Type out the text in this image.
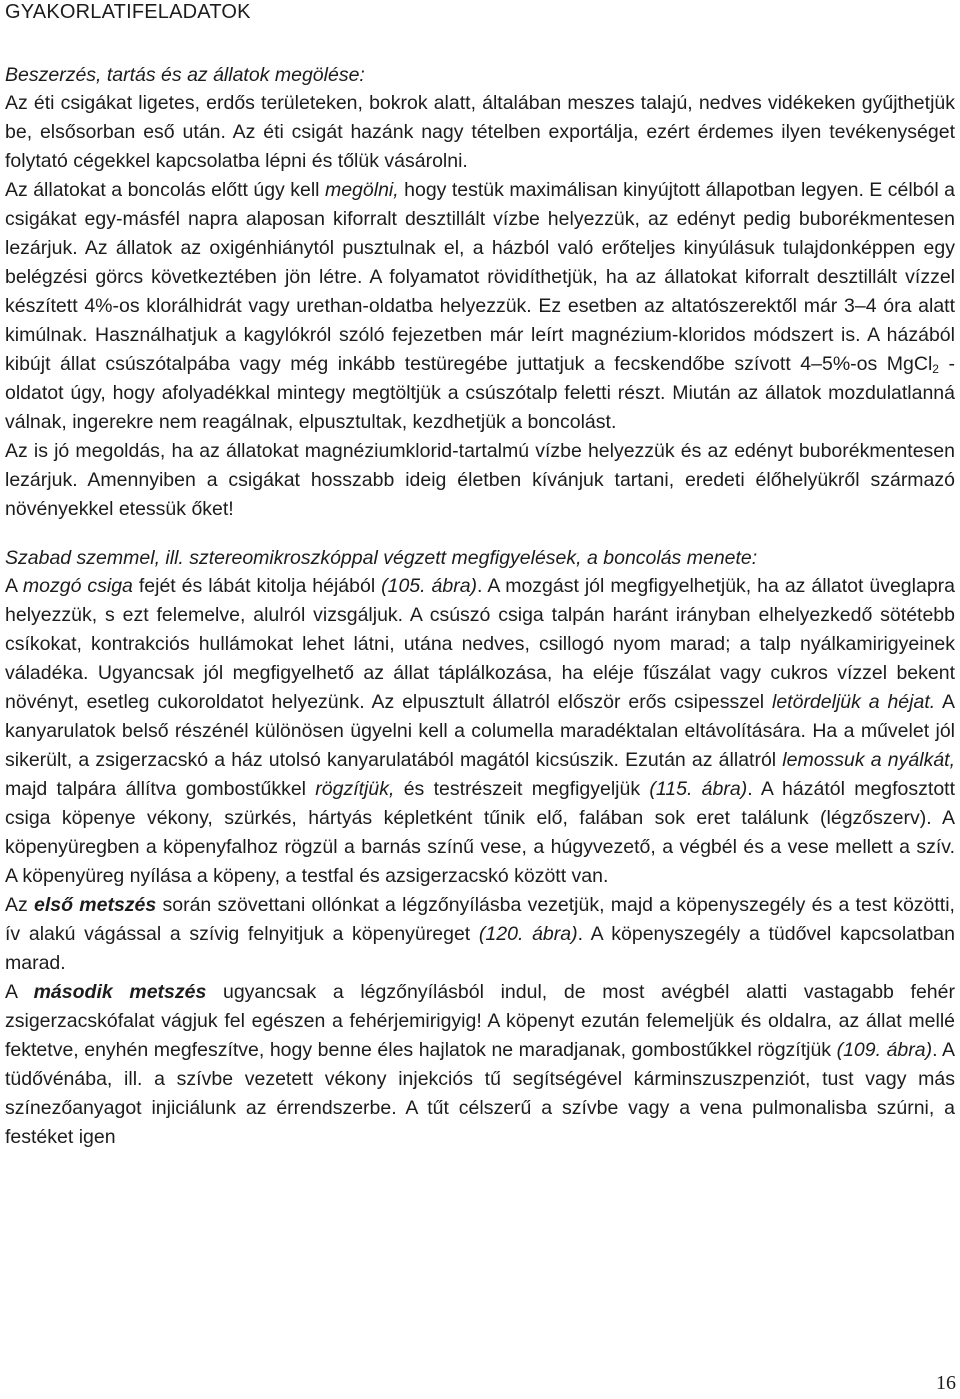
GYAKORLATIFELADATOK
Beszerzés, tartás és az állatok megölése:

Az éti csigákat ligetes, erdős területeken, bokrok alatt, általában meszes talajú, nedves vidékeken gyűjthetjük be, elsősorban eső után. Az éti csigát hazánk nagy tételben exportálja, ezért érdemes ilyen tevékenységet folytató cégekkel kapcsolatba lépni és tőlük vásárolni.

Az állatokat a boncolás előtt úgy kell megölni, hogy testük maximálisan kinyújtott állapotban legyen. E célból a csigákat egy-másfél napra alaposan kiforralt desztillált vízbe helyezzük, az edényt pedig buborékmentesen lezárjuk. Az állatok az oxigénhiánytól pusztulnak el, a házból való erőteljes kinyúlásuk tulajdonképpen egy belégzési görcs következtében jön létre. A folyamatot rövidíthetjük, ha az állatokat kiforralt desztillált vízzel készített 4%-os klorálhidrát vagy urethan-oldatba helyezzük. Ez esetben az altatószerektől már 3–4 óra alatt kimúlnak. Használhatjuk a kagylókról szóló fejezetben már leírt magnézium-kloridos módszert is. A házából kibújt állat csúszótalpába vagy még inkább testüregébe juttatjuk a fecskendőbe szívott 4–5%-os MgCl$_2$ -oldatot úgy, hogy afolyadékkal mintegy megtöltjük a csúszótalp feletti részt. Miután az állatok mozdulatlanná válnak, ingerekre nem reagálnak, elpusztultak, kezdhetjük a boncolást.

Az is jó megoldás, ha az állatokat magnéziumklorid-tartalmú vízbe helyezzük és az edényt buborékmentesen lezárjuk. Amennyiben a csigákat hosszabb ideig életben kívánjuk tartani, eredeti élőhelyükről származó növényekkel etessük őket!

Szabad szemmel, ill. sztereomikroszkóppal végzett megfigyelések, a boncolás menete:

A mozgó csiga fejét és lábát kitolja héjából (105. ábra). A mozgást jól megfigyelhetjük, ha az állatot üveglapra helyezzük, s ezt felemelve, alulról vizsgáljuk. A csúszó csiga talpán haránt irányban elhelyezkedő sötétebb csíkokat, kontrakciós hullámokat lehet látni, utána nedves, csillogó nyom marad; a talp nyálkamirigyeinek váladéka. Ugyancsak jól megfigyelhető az állat táplálkozása, ha eléje fűszálat vagy cukros vízzel bekent növényt, esetleg cukoroldatot helyezünk. Az elpusztult állatról először erős csipesszel letördeljük a héjat. A kanyarulatok belső részénél különösen ügyelni kell a columella maradéktalan eltávolítására. Ha a művelet jól sikerült, a zsigerzacskó a ház utolsó kanyarulatából magától kicsúszik. Ezután az állatról lemossuk a nyálkát, majd talpára állítva gombostűkkel rögzítjük, és testrészeit megfigyeljük (115. ábra). A házától megfosztott csiga köpenye vékony, szürkés, hártyás képletként tűnik elő, falában sok eret találunk (légzőszerv). A köpenyüregben a köpenyfalhoz rögzül a barnás színű vese, a húgyvezető, a végbél és a vese mellett a szív. A köpenyüreg nyílása a köpeny, a testfal és azsigerzacskó között van.

Az első metszés során szövettani ollónkat a légzőnyílásba vezetjük, majd a köpenyszegély és a test közötti, ív alakú vágással a szívig felnyitjuk a köpenyüreget (120. ábra). A köpenyszegély a tüdővel kapcsolatban marad.

A második metszés ugyancsak a légzőnyílásból indul, de most avégbél alatti vastagabb fehér zsigerzacskófalat vágjuk fel egészen a fehérjemirigyig! A köpenyt ezután felemeljük és oldalra, az állat mellé fektetve, enyhén megfeszítve, hogy benne éles hajlatok ne maradjanak, gombostűkkel rögzítjük (109. ábra). A tüdővénába, ill. a szívbe vezetett vékony injekciós tű segítségével kárminszuszpenziót, tust vagy más színezőanyagot injiciálunk az érrendszerbe. A tűt célszerű a szívbe vagy a vena pulmonalisba szúrni, a festéket igen

16
